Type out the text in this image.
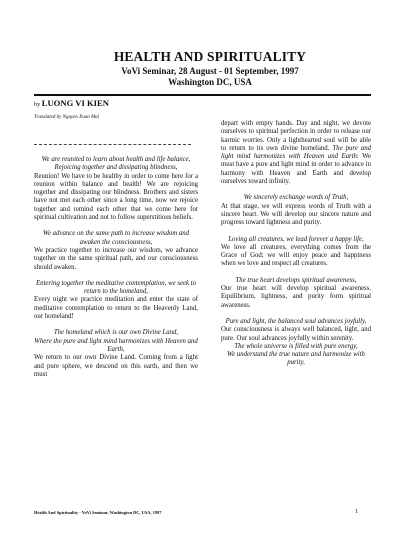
HEALTH AND SPIRITUALITY
VoVi Seminar, 28 August - 01 September, 1997
Washington DC, USA
by LUONG VI KIEN
Translated by Nguyen Xuan Mai

We are reunited to learn about health and life balance,
Rejoicing together and dissipating blindness,

Reunion! We have to be healthy in order to come here for a reunion within balance and health! We are rejoicing together and dissipating our blindness. Brothers and sisters have not met each other since a long time, now we rejoice together and remind each other that we come here for spiritual cultivation and not to follow superstitious beliefs.

We advance on the same path to increase wisdom and awaken the consciousness,

We practice together to increase our wisdom, we advance together on the same spiritual path, and our consciousness should awaken.

Entering together the meditative contemplation, we seek to return to the homeland,

Every night we practice meditation and enter the state of meditative contemplation to return to the Heavenly Land, our homeland!

The homeland which is our own Divine Land,
Where the pure and light mind harmonizes with Heaven and Earth,

We return to our own Divine Land. Coming from a light and pure sphere, we descend on this earth, and then we must

depart with empty hands. Day and night, we devote ourselves to spiritual perfection in order to release our karmic worries. Only a lighthearted soul will be able to return to its own divine homeland. The pure and light mind harmonizes with Heaven and Earth: We must have a pure and light mind in order to advance in harmony with Heaven and Earth and develop ourselves toward infinity.

We sincerely exchange words of Truth,

At that stage, we will express words of Truth with a sincere heart. We will develop our sincere nature and progress toward lightness and purity.

Loving all creatures, we lead forever a happy life,

We love all creatures, everything comes from the Grace of God; we will enjoy peace and happiness when we love and respect all creatures.

The true heart develops spiritual awareness,

Our true heart will develop spiritual awareness. Equilibrium, lightness, and purity form spiritual awareness.

Pure and light, the balanced soul advances joyfully,

Our consciousness is always well balanced, light, and pure. Our soul advances joyfully within serenity.

The whole universe is filled with pure energy,
We understand the true nature and harmonize with purity,

Health And Spirituality - VoVi Seminar, Washington DC, USA, 1997	1
